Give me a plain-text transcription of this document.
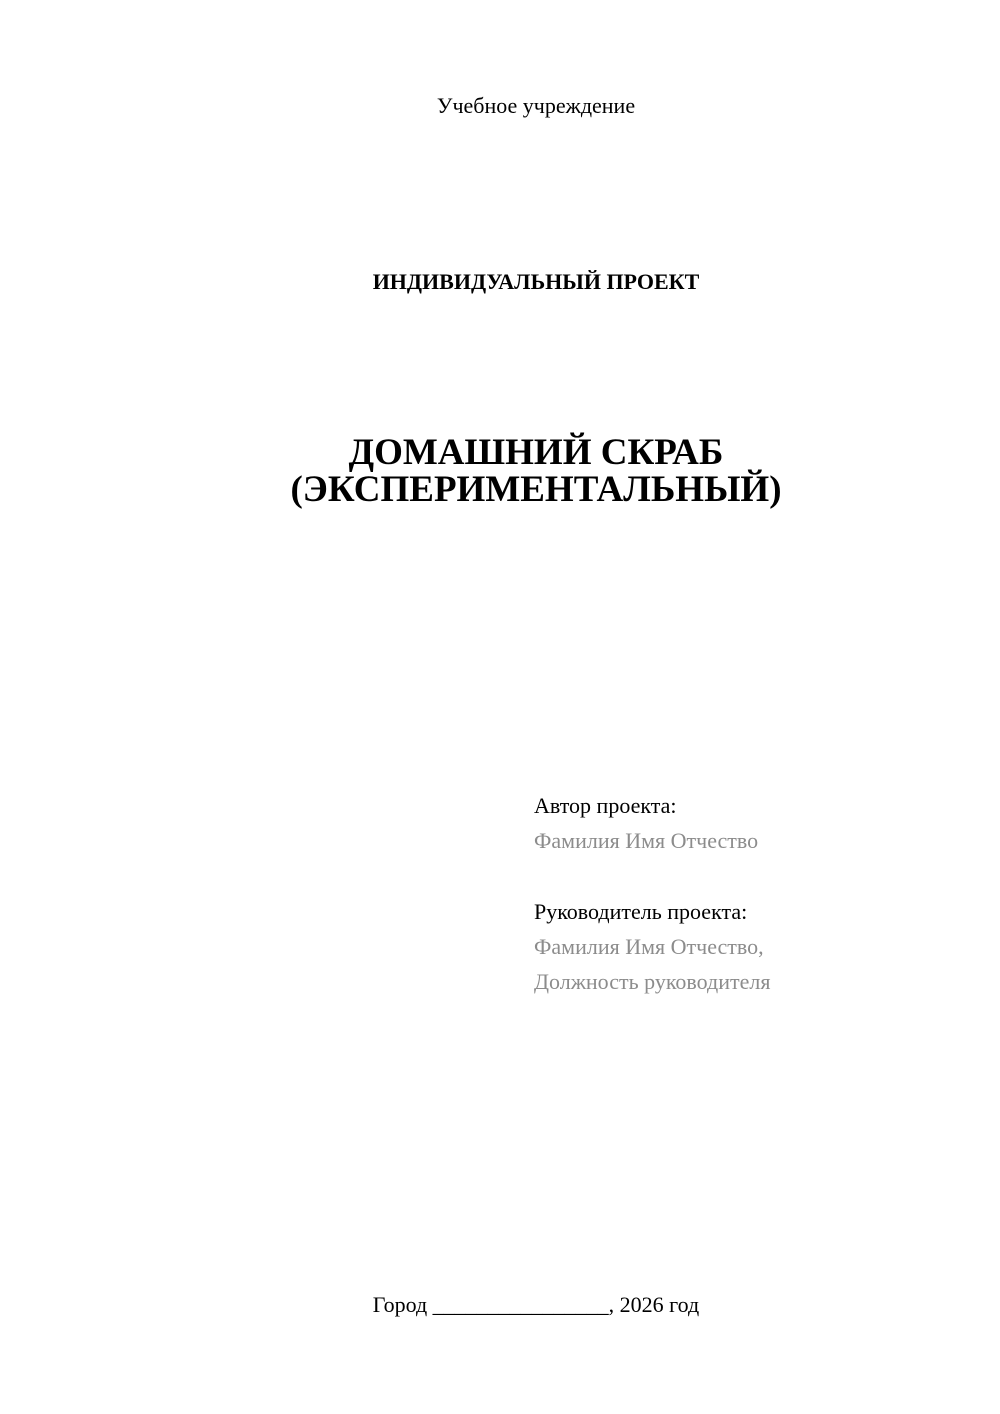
Учебное учреждение
ИНДИВИДУАЛЬНЫЙ ПРОЕКТ
ДОМАШНИЙ СКРАБ
(ЭКСПЕРИМЕНТАЛЬНЫЙ)
Автор проекта:
Фамилия Имя Отчество
Руководитель проекта:
Фамилия Имя Отчество,
Должность руководителя
Город ________________, 2026 год
